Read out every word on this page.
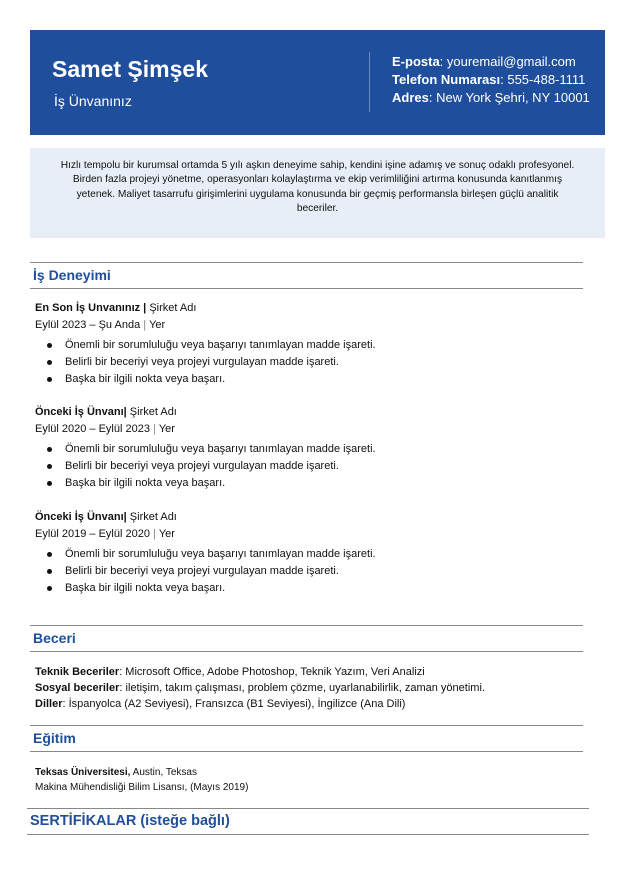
Samet Şimşek
İş Ünvanınız
E-posta: youremail@gmail.com
Telefon Numarası: 555-488-1111
Adres: New York Şehri, NY 10001
Hızlı tempolu bir kurumsal ortamda 5 yılı aşkın deneyime sahip, kendini işine adamış ve sonuç odaklı profesyonel. Birden fazla projeyi yönetme, operasyonları kolaylaştırma ve ekip verimliliğini artırma konusunda kanıtlanmış yetenek. Maliyet tasarrufu girişimlerini uygulama konusunda bir geçmiş performansla birleşen güçlü analitik beceriler.
İş Deneyimi
En Son İş Unvanınız | Şirket Adı
Eylül 2023 – Şu Anda | Yer
Önemli bir sorumluluğu veya başarıyı tanımlayan madde işareti.
Belirli bir beceriyi veya projeyi vurgulayan madde işareti.
Başka bir ilgili nokta veya başarı.
Önceki İş Ünvanı| Şirket Adı
Eylül 2020 – Eylül 2023 | Yer
Önemli bir sorumluluğu veya başarıyı tanımlayan madde işareti.
Belirli bir beceriyi veya projeyi vurgulayan madde işareti.
Başka bir ilgili nokta veya başarı.
Önceki İş Ünvanı| Şirket Adı
Eylül 2019 – Eylül 2020 | Yer
Önemli bir sorumluluğu veya başarıyı tanımlayan madde işareti.
Belirli bir beceriyi veya projeyi vurgulayan madde işareti.
Başka bir ilgili nokta veya başarı.
Beceri
Teknik Beceriler: Microsoft Office, Adobe Photoshop, Teknik Yazım, Veri Analizi
Sosyal beceriler: iletişim, takım çalışması, problem çözme, uyarlanabilirlik, zaman yönetimi.
Diller: İspanyolca (A2 Seviyesi), Fransızca (B1 Seviyesi), İngilizce (Ana Dili)
Eğitim
Teksas Üniversitesi, Austin, Teksas
Makina Mühendisliği Bilim Lisansı, (Mayıs 2019)
SERTİFİKALAR (isteğe bağlı)
